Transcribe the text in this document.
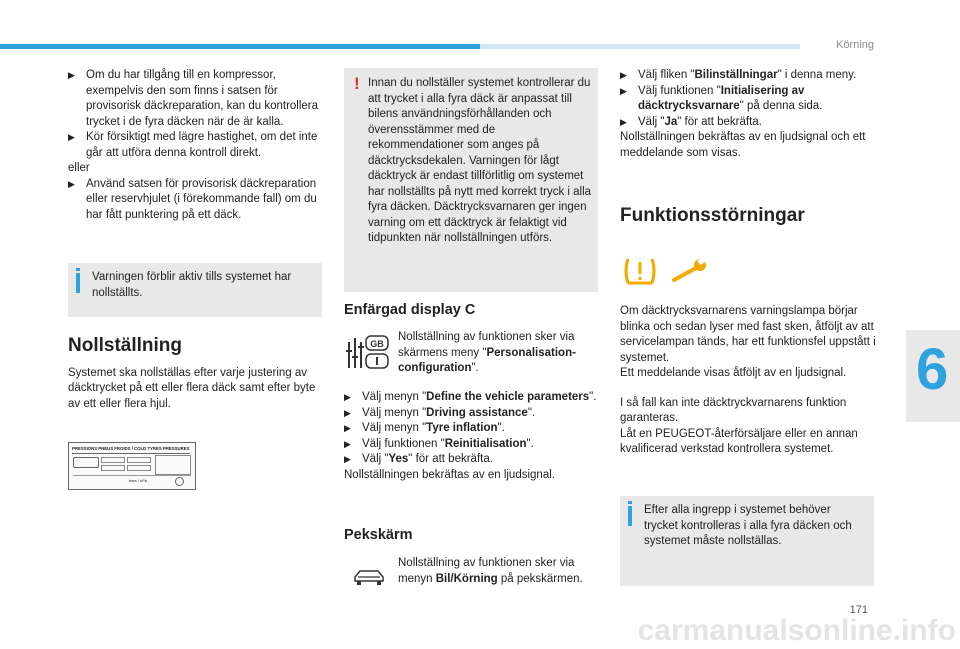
Körning
6
171
carmanualsonline.info

▶ Om du har tillgång till en kompressor, exempelvis den som finns i satsen för provisorisk däckreparation, kan du kontrollera trycket i de fyra däcken när de är kalla.

▶ Kör försiktigt med lägre hastighet, om det inte går att utföra denna kontroll direkt.

eller

▶ Använd satsen för provisorisk däckreparation eller reservhjulet (i förekommande fall) om du har fått punktering på ett däck.

Varningen förblir aktiv tills systemet har nollställts.

Nollställning

Systemet ska nollställas efter varje justering av däcktrycket på ett eller flera däck samt efter byte av ett eller flera hjul.

PRESSIONS PNEUS FROIDS / COLD TYRES PRESSURES
bars / kPa
! Innan du nollställer systemet kontrollerar du att trycket i alla fyra däck är anpassat till bilens användningsförhållanden och överensstämmer med de rekommendationer som anges på däcktrycksdekalen. Varningen för lågt däcktryck är endast tillförlitlig om systemet har nollställts på nytt med korrekt tryck i alla fyra däcken. Däcktrycksvarnaren ger ingen varning om ett däcktryck är felaktigt vid tidpunkten när nollställningen utförs.

Enfärgad display C

GB

Nollställning av funktionen sker via skärmens meny "Personalisation-configuration".

▶ Välj menyn "Define the vehicle parameters".

▶ Välj menyn "Driving assistance".

▶ Välj menyn "Tyre inflation".

▶ Välj funktionen "Reinitialisation".

▶ Välj "Yes" för att bekräfta.

Nollställningen bekräftas av en ljudsignal.

Pekskärm

Nollställning av funktionen sker via menyn Bil/Körning på pekskärmen.

▶ Välj fliken "Bilinställningar" i denna meny.

▶ Välj funktionen "Initialisering av däcktrycksvarnare" på denna sida.

▶ Välj "Ja" för att bekräfta.

Nollställningen bekräftas av en ljudsignal och ett meddelande som visas.

Funktionsstörningar

Om däcktrycksvarnarens varningslampa börjar blinka och sedan lyser med fast sken, åtföljt av att servicelampan tänds, har ett funktionsfel uppstått i systemet.

Ett meddelande visas åtföljt av en ljudsignal.

I så fall kan inte däcktryckvarnarens funktion garanteras.

Låt en PEUGEOT-återförsäljare eller en annan kvalificerad verkstad kontrollera systemet.

Efter alla ingrepp i systemet behöver trycket kontrolleras i alla fyra däcken och systemet måste nollställas.
